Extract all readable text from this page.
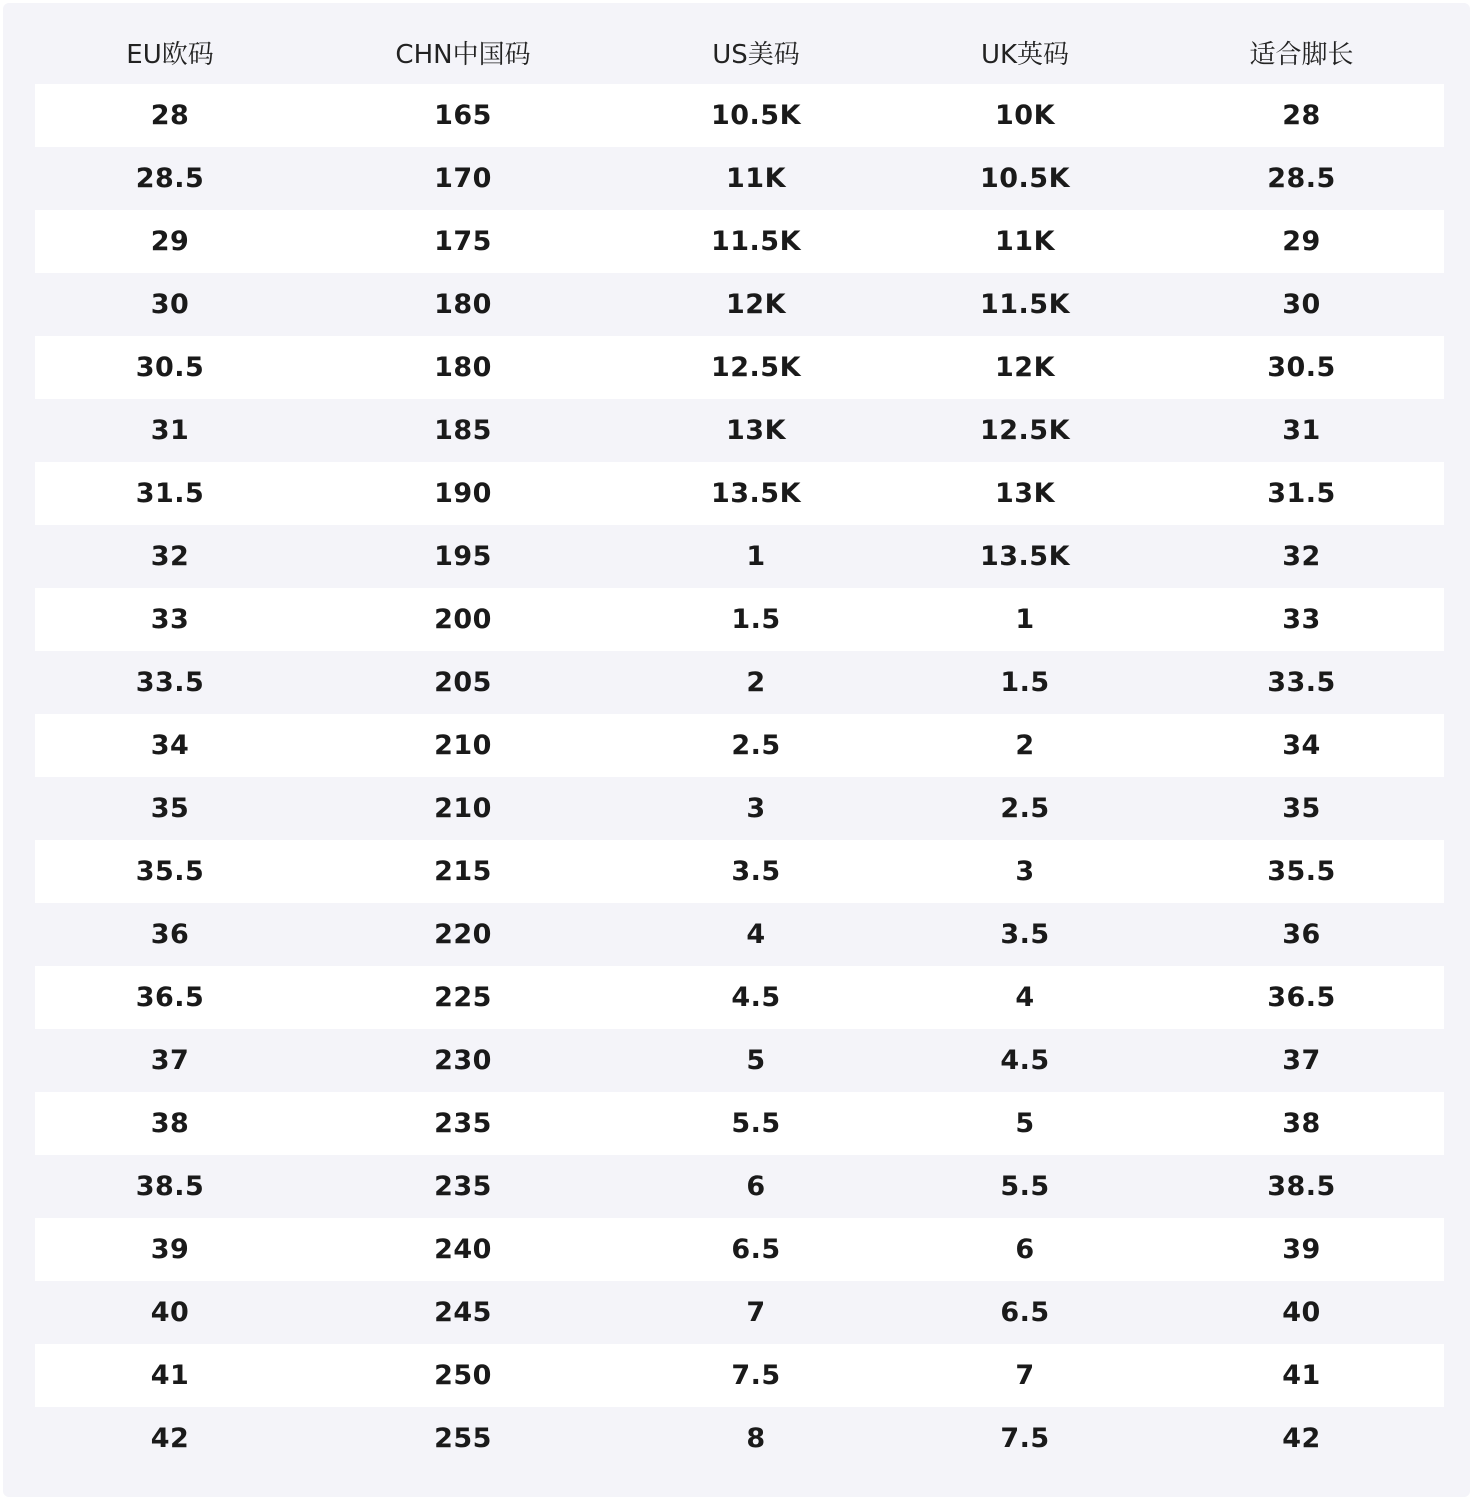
EU欧码	CHN中国码	US美码	UK英码	适合脚长
28	165	10.5K	10K	28
28.5	170	11K	10.5K	28.5
29	175	11.5K	11K	29
30	180	12K	11.5K	30
30.5	180	12.5K	12K	30.5
31	185	13K	12.5K	31
31.5	190	13.5K	13K	31.5
32	195	1	13.5K	32
33	200	1.5	1	33
33.5	205	2	1.5	33.5
34	210	2.5	2	34
35	210	3	2.5	35
35.5	215	3.5	3	35.5
36	220	4	3.5	36
36.5	225	4.5	4	36.5
37	230	5	4.5	37
38	235	5.5	5	38
38.5	235	6	5.5	38.5
39	240	6.5	6	39
40	245	7	6.5	40
41	250	7.5	7	41
42	255	8	7.5	42
